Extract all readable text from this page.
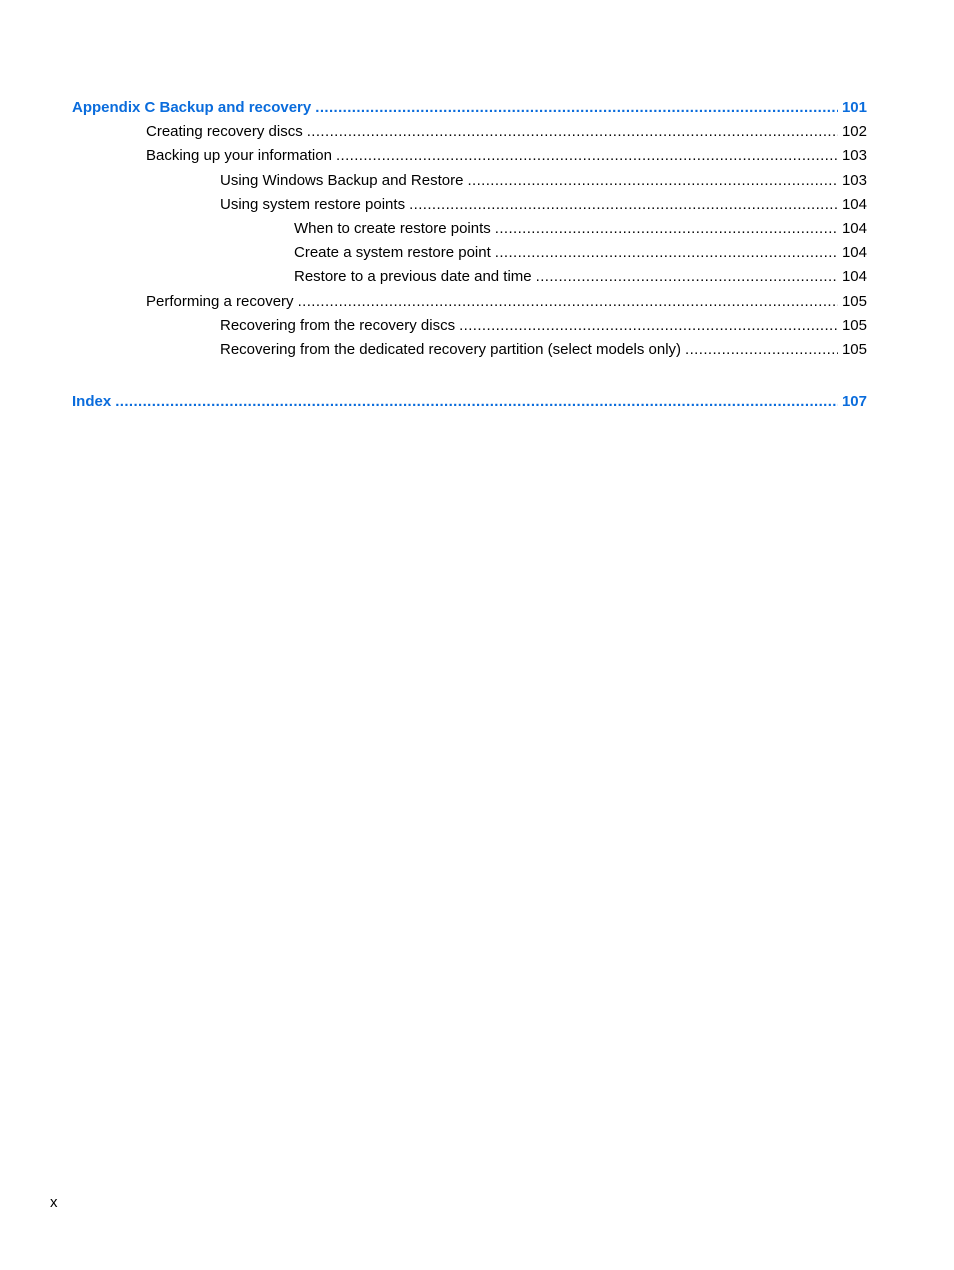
Appendix C Backup and recovery .....	101
Creating recovery discs .....	102
Backing up your information .....	103
Using Windows Backup and Restore .....	103
Using system restore points .....	104
When to create restore points .....	104
Create a system restore point .....	104
Restore to a previous date and time .....	104
Performing a recovery .....	105
Recovering from the recovery discs .....	105
Recovering from the dedicated recovery partition (select models only) .....	105
Index .....	107
x
